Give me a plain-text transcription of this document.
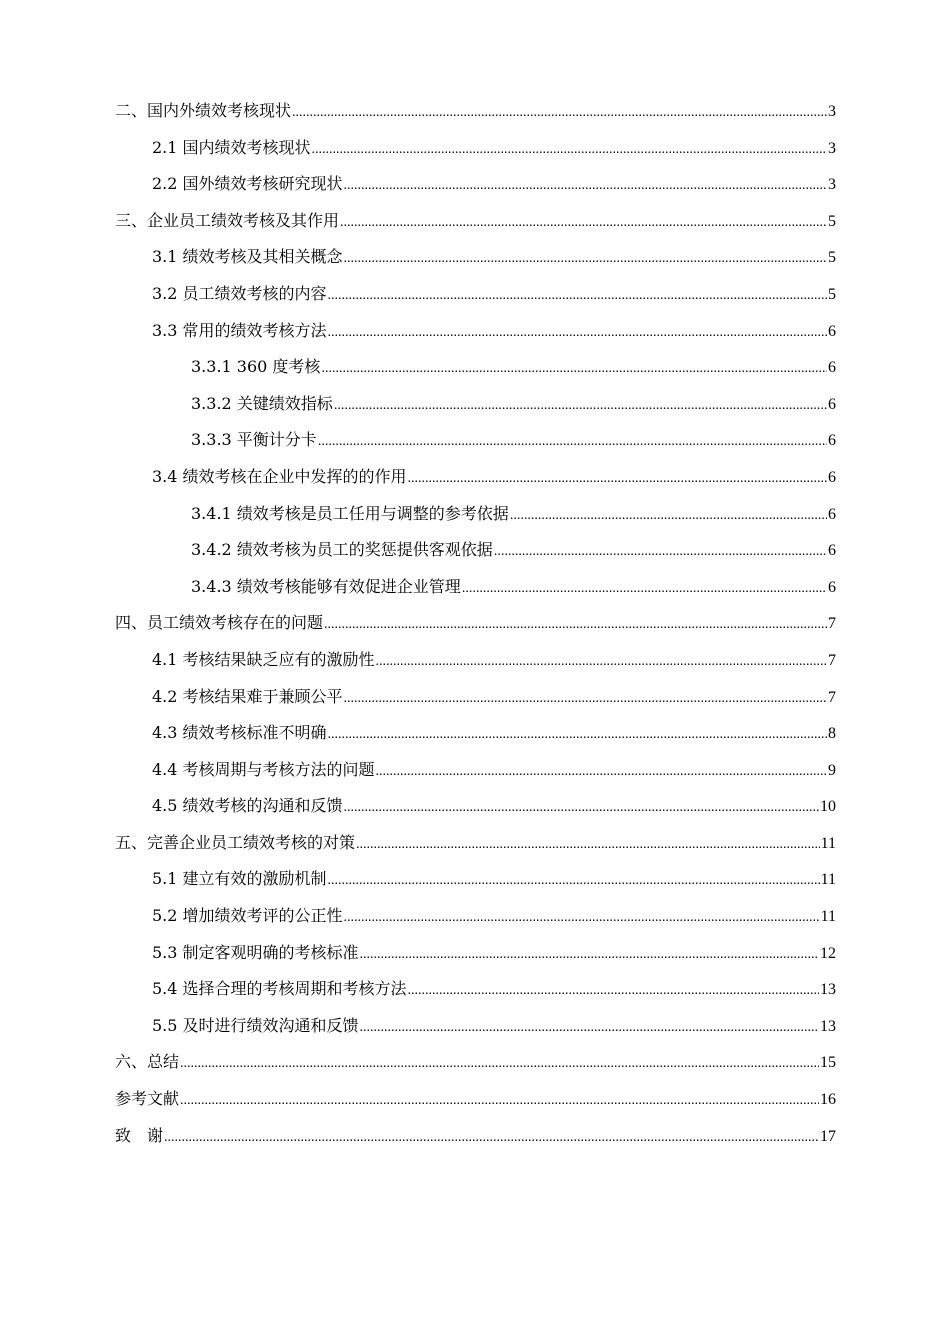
二、国内外绩效考核现状 .....	3
2.1 国内绩效考核现状 .....	3
2.2 国外绩效考核研究现状 .....	3
三、企业员工绩效考核及其作用 .....	5
3.1 绩效考核及其相关概念 .....	5
3.2 员工绩效考核的内容 .....	5
3.3 常用的绩效考核方法 .....	6
3.3.1 360 度考核 .....	6
3.3.2 关键绩效指标 .....	6
3.3.3 平衡计分卡 .....	6
3.4 绩效考核在企业中发挥的的作用 .....	6
3.4.1 绩效考核是员工任用与调整的参考依据 .....	6
3.4.2 绩效考核为员工的奖惩提供客观依据 .....	6
3.4.3 绩效考核能够有效促进企业管理 .....	6
四、员工绩效考核存在的问题 .....	7
4.1 考核结果缺乏应有的激励性 .....	7
4.2 考核结果难于兼顾公平 .....	7
4.3 绩效考核标准不明确 .....	8
4.4 考核周期与考核方法的问题 .....	9
4.5 绩效考核的沟通和反馈 .....	10
五、完善企业员工绩效考核的对策 .....	11
5.1 建立有效的激励机制 .....	11
5.2 增加绩效考评的公正性 .....	11
5.3 制定客观明确的考核标准 .....	12
5.4 选择合理的考核周期和考核方法 .....	13
5.5 及时进行绩效沟通和反馈 .....	13
六、总结 .....	15
参考文献 .....	16
致　谢 .....	17
